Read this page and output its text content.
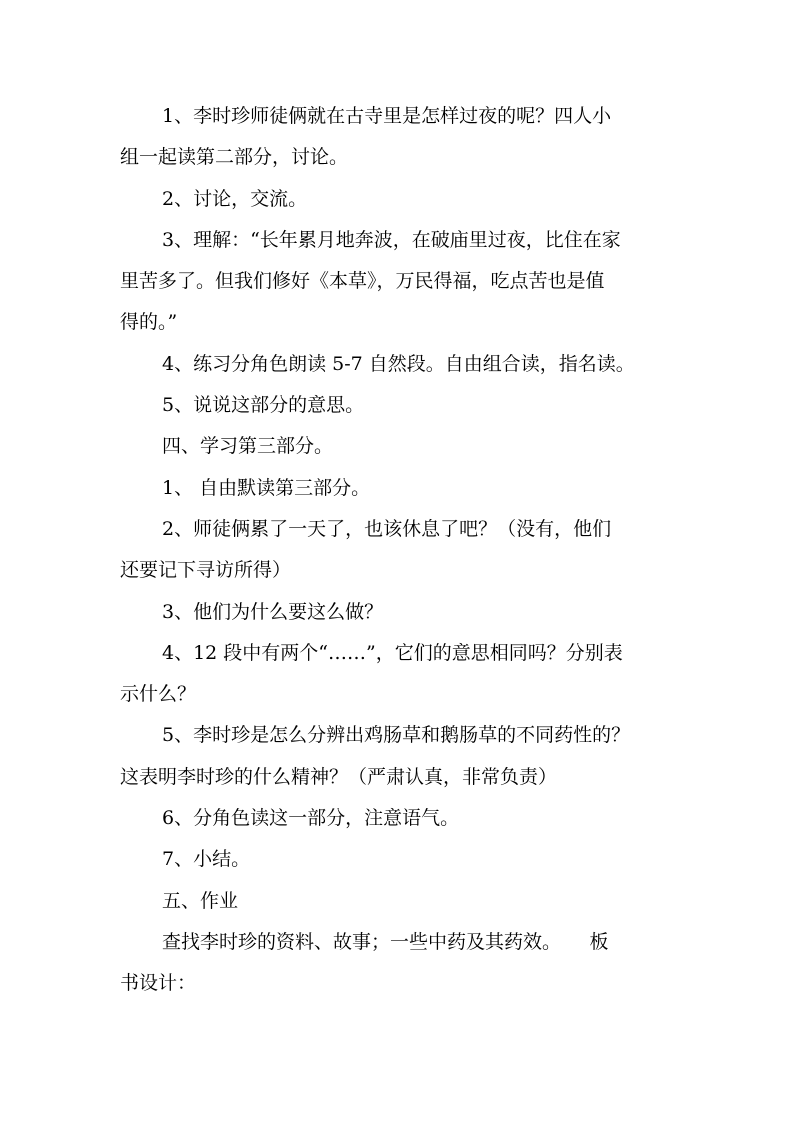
1、李时珍师徒俩就在古寺里是怎样过夜的呢？四人小
组一起读第二部分，讨论。
2、讨论，交流。
3、理解：“长年累月地奔波，在破庙里过夜，比住在家
里苦多了。但我们修好《本草》，万民得福，吃点苦也是值
得的。”
4、练习分角色朗读 5-7 自然段。自由组合读，指名读。
5、说说这部分的意思。
四、学习第三部分。
1、 自由默读第三部分。
2、师徒俩累了一天了，也该休息了吧？（没有，他们
还要记下寻访所得）
3、他们为什么要这么做？
4、12 段中有两个“……”，它们的意思相同吗？分别表
示什么？
5、李时珍是怎么分辨出鸡肠草和鹅肠草的不同药性的？
这表明李时珍的什么精神？（严肃认真，非常负责）
6、分角色读这一部分，注意语气。
7、小结。
五、作业
查找李时珍的资料、故事；一些中药及其药效。　　板
书设计：
